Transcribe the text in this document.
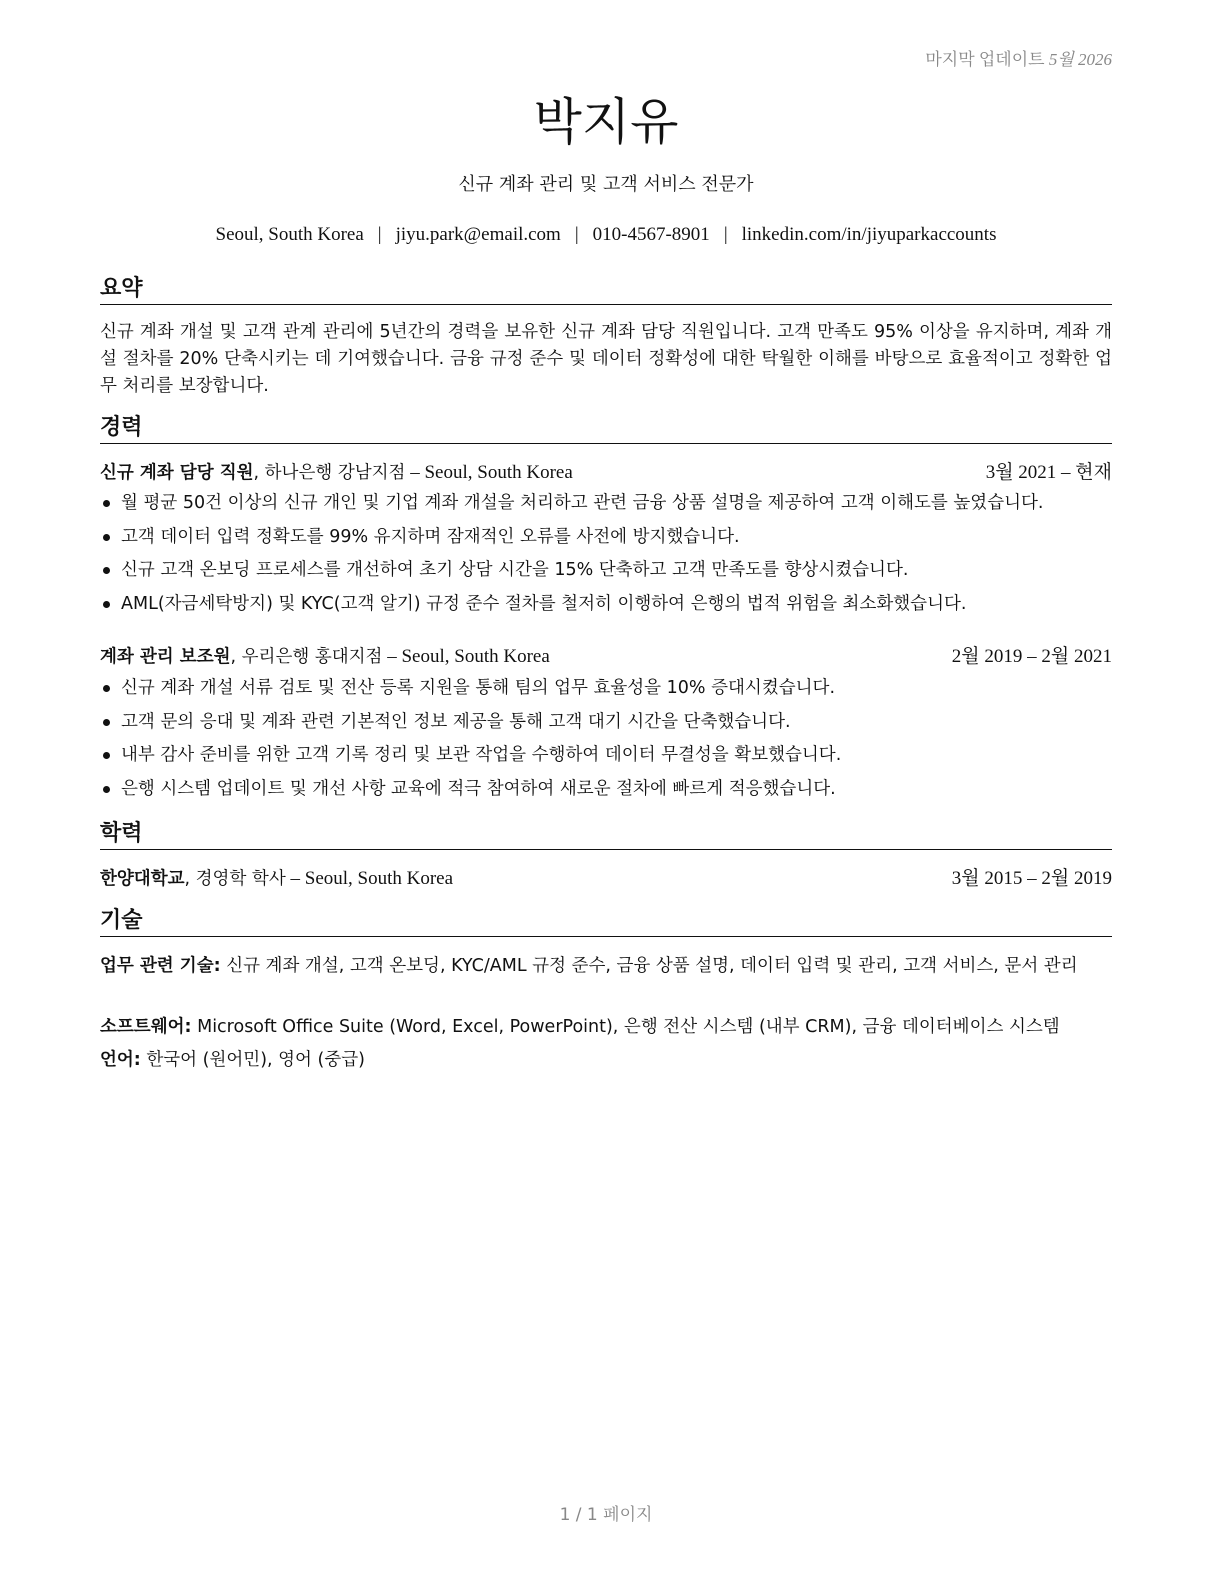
마지막 업데이트 5월 2026
박지유
신규 계좌 관리 및 고객 서비스 전문가
Seoul, South Korea | jiyu.park@email.com | 010-4567-8901 | linkedin.com/in/jiyuparkaccounts
요약
신규 계좌 개설 및 고객 관계 관리에 5년간의 경력을 보유한 신규 계좌 담당 직원입니다. 고객 만족도 95% 이상을 유지하며, 계좌 개설 절차를 20% 단축시키는 데 기여했습니다. 금융 규정 준수 및 데이터 정확성에 대한 탁월한 이해를 바탕으로 효율적이고 정확한 업무 처리를 보장합니다.
경력
신규 계좌 담당 직원, 하나은행 강남지점 – Seoul, South Korea	3월 2021 – 현재
월 평균 50건 이상의 신규 개인 및 기업 계좌 개설을 처리하고 관련 금융 상품 설명을 제공하여 고객 이해도를 높였습니다.
고객 데이터 입력 정확도를 99% 유지하며 잠재적인 오류를 사전에 방지했습니다.
신규 고객 온보딩 프로세스를 개선하여 초기 상담 시간을 15% 단축하고 고객 만족도를 향상시켰습니다.
AML(자금세탁방지) 및 KYC(고객 알기) 규정 준수 절차를 철저히 이행하여 은행의 법적 위험을 최소화했습니다.
계좌 관리 보조원, 우리은행 홍대지점 – Seoul, South Korea	2월 2019 – 2월 2021
신규 계좌 개설 서류 검토 및 전산 등록 지원을 통해 팀의 업무 효율성을 10% 증대시켰습니다.
고객 문의 응대 및 계좌 관련 기본적인 정보 제공을 통해 고객 대기 시간을 단축했습니다.
내부 감사 준비를 위한 고객 기록 정리 및 보관 작업을 수행하여 데이터 무결성을 확보했습니다.
은행 시스템 업데이트 및 개선 사항 교육에 적극 참여하여 새로운 절차에 빠르게 적응했습니다.
학력
한양대학교, 경영학 학사 – Seoul, South Korea	3월 2015 – 2월 2019
기술
업무 관련 기술: 신규 계좌 개설, 고객 온보딩, KYC/AML 규정 준수, 금융 상품 설명, 데이터 입력 및 관리, 고객 서비스, 문서 관리
소프트웨어: Microsoft Office Suite (Word, Excel, PowerPoint), 은행 전산 시스템 (내부 CRM), 금융 데이터베이스 시스템
언어: 한국어 (원어민), 영어 (중급)
1 / 1 페이지
